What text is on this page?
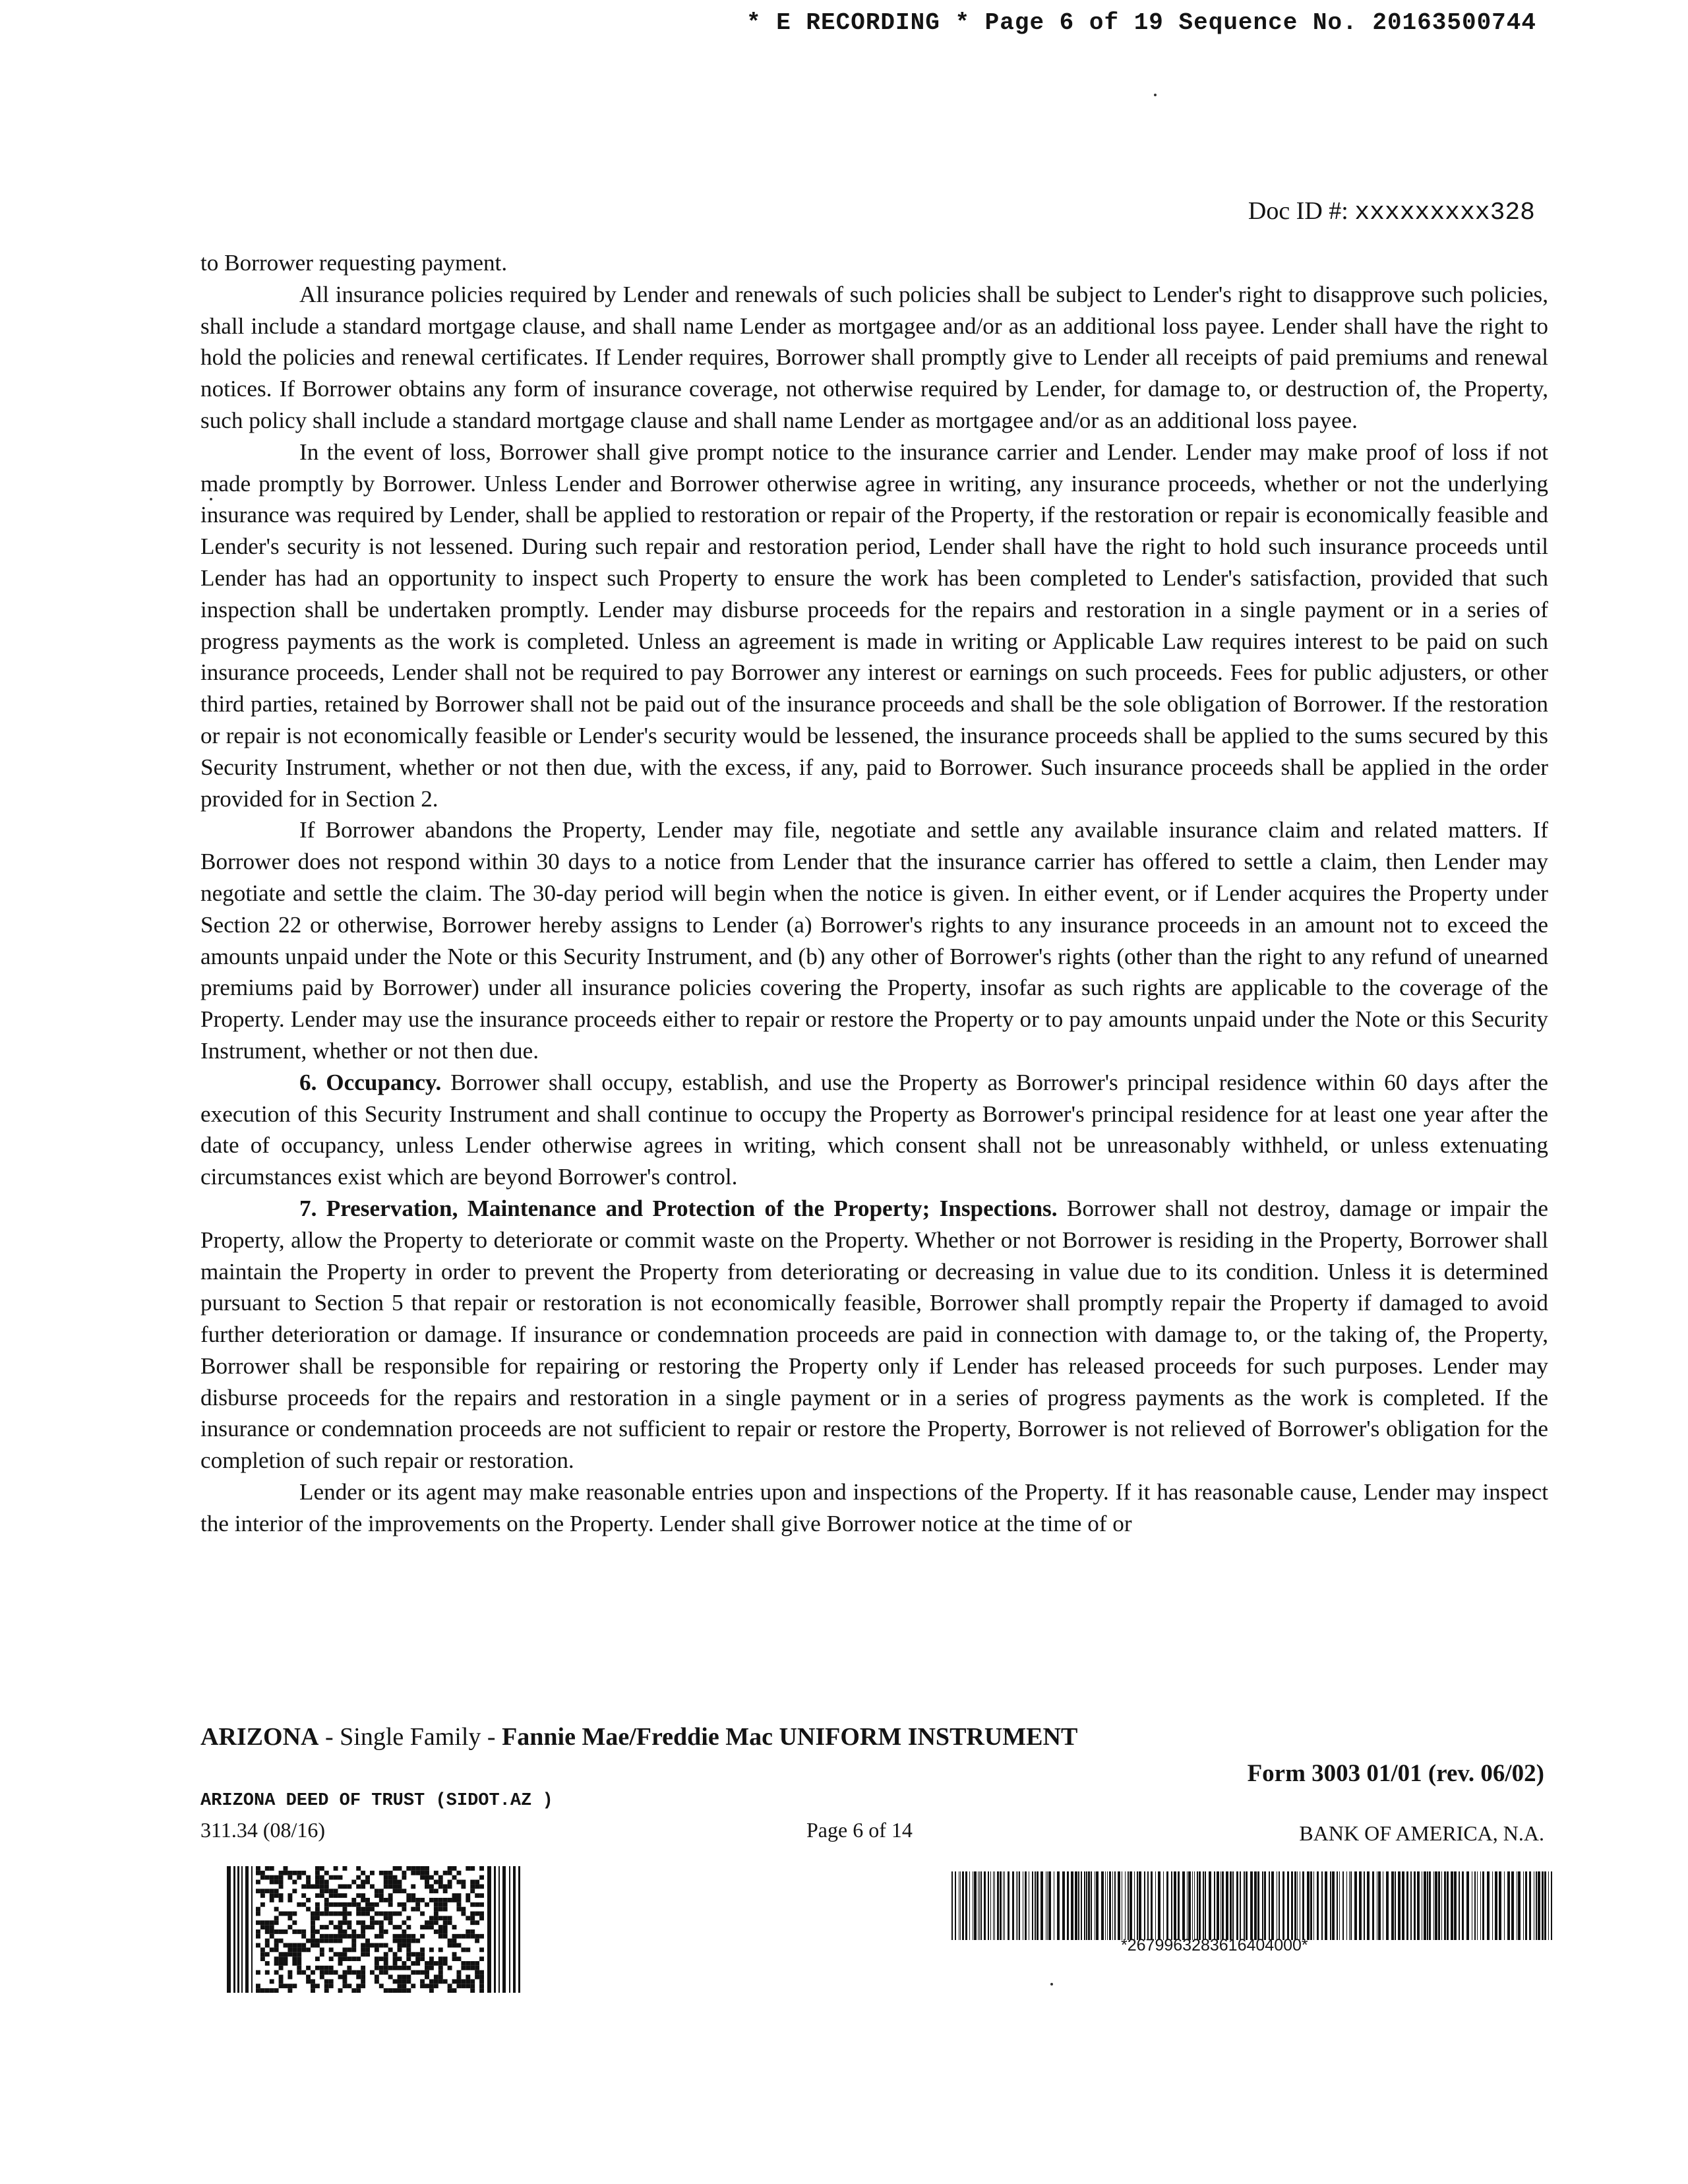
* E RECORDING * Page 6 of 19 Sequence No. 20163500744
Doc ID #: xxxxxxxxx328

to Borrower requesting payment.

All insurance policies required by Lender and renewals of such policies shall be subject to Lender's right to disapprove such policies, shall include a standard mortgage clause, and shall name Lender as mortgagee and/or as an additional loss payee. Lender shall have the right to hold the policies and renewal certificates. If Lender requires, Borrower shall promptly give to Lender all receipts of paid premiums and renewal notices. If Borrower obtains any form of insurance coverage, not otherwise required by Lender, for damage to, or destruction of, the Property, such policy shall include a standard mortgage clause and shall name Lender as mortgagee and/or as an additional loss payee.

In the event of loss, Borrower shall give prompt notice to the insurance carrier and Lender. Lender may make proof of loss if not made promptly by Borrower. Unless Lender and Borrower otherwise agree in writing, any insurance proceeds, whether or not the underlying insurance was required by Lender, shall be applied to restoration or repair of the Property, if the restoration or repair is economically feasible and Lender's security is not lessened. During such repair and restoration period, Lender shall have the right to hold such insurance proceeds until Lender has had an opportunity to inspect such Property to ensure the work has been completed to Lender's satisfaction, provided that such inspection shall be undertaken promptly. Lender may disburse proceeds for the repairs and restoration in a single payment or in a series of progress payments as the work is completed. Unless an agreement is made in writing or Applicable Law requires interest to be paid on such insurance proceeds, Lender shall not be required to pay Borrower any interest or earnings on such proceeds. Fees for public adjusters, or other third parties, retained by Borrower shall not be paid out of the insurance proceeds and shall be the sole obligation of Borrower. If the restoration or repair is not economically feasible or Lender's security would be lessened, the insurance proceeds shall be applied to the sums secured by this Security Instrument, whether or not then due, with the excess, if any, paid to Borrower. Such insurance proceeds shall be applied in the order provided for in Section 2.

If Borrower abandons the Property, Lender may file, negotiate and settle any available insurance claim and related matters. If Borrower does not respond within 30 days to a notice from Lender that the insurance carrier has offered to settle a claim, then Lender may negotiate and settle the claim. The 30-day period will begin when the notice is given. In either event, or if Lender acquires the Property under Section 22 or otherwise, Borrower hereby assigns to Lender (a) Borrower's rights to any insurance proceeds in an amount not to exceed the amounts unpaid under the Note or this Security Instrument, and (b) any other of Borrower's rights (other than the right to any refund of unearned premiums paid by Borrower) under all insurance policies covering the Property, insofar as such rights are applicable to the coverage of the Property. Lender may use the insurance proceeds either to repair or restore the Property or to pay amounts unpaid under the Note or this Security Instrument, whether or not then due.

6. Occupancy. Borrower shall occupy, establish, and use the Property as Borrower's principal residence within 60 days after the execution of this Security Instrument and shall continue to occupy the Property as Borrower's principal residence for at least one year after the date of occupancy, unless Lender otherwise agrees in writing, which consent shall not be unreasonably withheld, or unless extenuating circumstances exist which are beyond Borrower's control.

7. Preservation, Maintenance and Protection of the Property; Inspections. Borrower shall not destroy, damage or impair the Property, allow the Property to deteriorate or commit waste on the Property. Whether or not Borrower is residing in the Property, Borrower shall maintain the Property in order to prevent the Property from deteriorating or decreasing in value due to its condition. Unless it is determined pursuant to Section 5 that repair or restoration is not economically feasible, Borrower shall promptly repair the Property if damaged to avoid further deterioration or damage. If insurance or condemnation proceeds are paid in connection with damage to, or the taking of, the Property, Borrower shall be responsible for repairing or restoring the Property only if Lender has released proceeds for such purposes. Lender may disburse proceeds for the repairs and restoration in a single payment or in a series of progress payments as the work is completed. If the insurance or condemnation proceeds are not sufficient to repair or restore the Property, Borrower is not relieved of Borrower's obligation for the completion of such repair or restoration.

Lender or its agent may make reasonable entries upon and inspections of the Property. If it has reasonable cause, Lender may inspect the interior of the improvements on the Property. Lender shall give Borrower notice at the time of or

ARIZONA - Single Family - Fannie Mae/Freddie Mac UNIFORM INSTRUMENT
Form 3003 01/01 (rev. 06/02)
ARIZONA DEED OF TRUST (SIDOT.AZ )
311.34 (08/16)	Page 6 of 14	BANK OF AMERICA, N.A.
*2679963283616404000*
